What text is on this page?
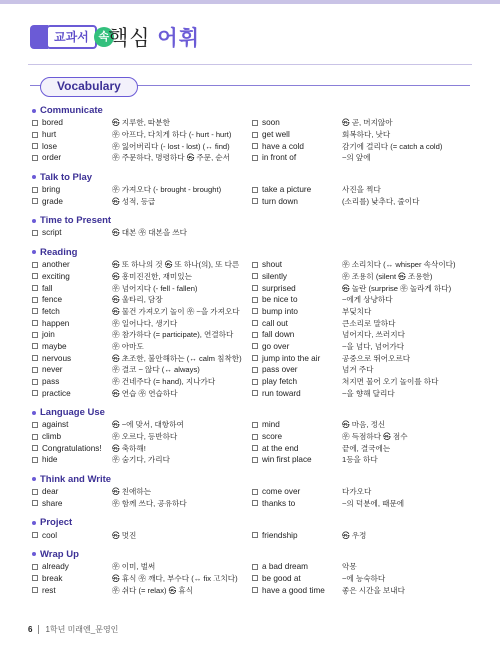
교과서 속
핵심 어휘
Vocabulary
Communicate
bored	㉿ 지루한, 따분한	soon	㉿ 곧, 머지않아
hurt	㉾ 아프다, 다치게 하다 (- hurt - hurt)	get well	회복하다, 낫다
lose	㉾ 잃어버리다 (- lost - lost) (↔ find)	have a cold	감기에 걸리다 (= catch a cold)
order	㉾ 주문하다, 명령하다 ㉿ 주문, 순서	in front of	~의 앞에
Talk to Play
bring	㉾ 가져오다 (- brought - brought)	take a picture	사진을 찍다
grade	㉿ 성적, 등급	turn down	(소리를) 낮추다, 줄이다
Time to Present
script	㉿ 대본 ㉾ 대본을 쓰다
Reading
another	㉿ 또 하나의 것 ㉿ 또 하나(의), 또 다른	shout	㉾ 소리치다 (↔ whisper 속삭이다)
exciting	㉿ 흥미진진한, 재미있는	silently	㉾ 조용히 (silent ㉿ 조용한)
fall	㉾ 넘어지다 (- fell - fallen)	surprised	㉿ 놀란 (surprise ㉾ 놀라게 하다)
fence	㉿ 울타리, 담장	be nice to	~에게 상냥하다
fetch	㉿ 물건 가져오기 놀이 ㉾ ~을 가져오다	bump into	부딪치다
happen	㉾ 일어나다, 생기다	call out	큰소리로 말하다
join	㉾ 참가하다 (= participate), 연결하다	fall down	넘어지다, 쓰러지다
maybe	㉾ 아마도	go over	~을 넘다, 넘어가다
nervous	㉿ 초조한, 불안해하는 (↔ calm 침착한)	jump into the air	공중으로 뛰어오르다
never	㉾ 결코 ~ 않다 (↔ always)	pass over	넘겨 주다
pass	㉾ 건네주다 (= hand), 지나가다	play fetch	쳐지면 물어 오기 놀이를 하다
practice	㉿ 연습 ㉾ 연습하다	run toward	~을 향해 달리다
Language Use
against	㉿ ~에 맞서, 대항하여	mind	㉿ 마음, 정신
climb	㉾ 오르다, 등반하다	score	㉾ 득점하다 ㉿ 점수
Congratulations! ㉿ 축하해!	at the end	끝에, 결국에는
hide	㉾ 숨기다, 가리다	win first place	1등을 하다
Think and Write
dear	㉿ 친애하는	come over	다가오다
share	㉾ 함께 쓰다, 공유하다	thanks to	~의 덕분에, 때문에
Project
cool	㉿ 멋진	friendship	㉿ 우정
Wrap Up
already	㉾ 이미, 벌써	a bad dream	악몽
break	㉿ 휴식 ㉾ 깨다, 부수다 (↔ fix 고치다)	be good at	~에 능숙하다
rest	㉾ 쉬다 (= relax) ㉿ 휴식	have a good time 좋은 시간을 보내다
6 1학년 미래엔_문영인
